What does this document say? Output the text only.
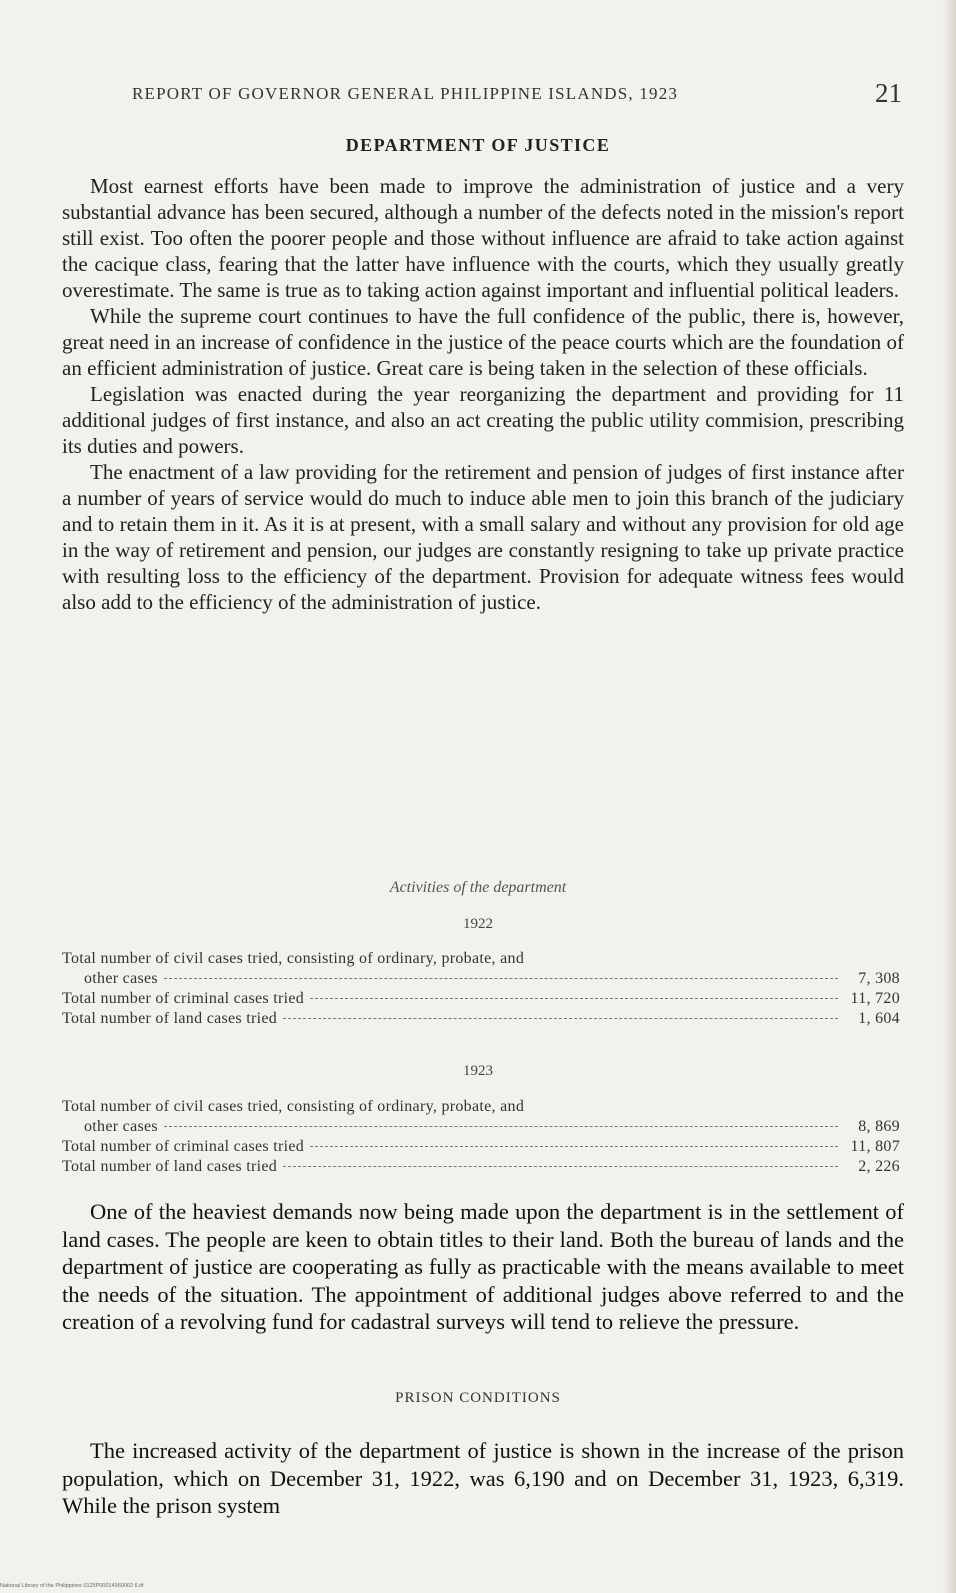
REPORT OF GOVERNOR GENERAL PHILIPPINE ISLANDS, 1923	21
DEPARTMENT OF JUSTICE

Most earnest efforts have been made to improve the administration of justice and a very substantial advance has been secured, although a number of the defects noted in the mission's report still exist. Too often the poorer people and those without influence are afraid to take action against the cacique class, fearing that the latter have influence with the courts, which they usually greatly overestimate. The same is true as to taking action against important and influential political leaders.

While the supreme court continues to have the full confidence of the public, there is, however, great need in an increase of confidence in the justice of the peace courts which are the foundation of an efficient administration of justice. Great care is being taken in the selection of these officials.

Legislation was enacted during the year reorganizing the department and providing for 11 additional judges of first instance, and also an act creating the public utility commision, prescribing its duties and powers.

The enactment of a law providing for the retirement and pension of judges of first instance after a number of years of service would do much to induce able men to join this branch of the judiciary and to retain them in it. As it is at present, with a small salary and without any provision for old age in the way of retirement and pension, our judges are constantly resigning to take up private practice with resulting loss to the efficiency of the department. Provision for adequate witness fees would also add to the efficiency of the administration of justice.

Activities of the department
1922
Total number of civil cases tried, consisting of ordinary, probate, and
other cases	7, 308
Total number of criminal cases tried	11, 720
Total number of land cases tried	1, 604
1923
Total number of civil cases tried, consisting of ordinary, probate, and
other cases	8, 869
Total number of criminal cases tried	11, 807
Total number of land cases tried	2, 226

One of the heaviest demands now being made upon the department is in the settlement of land cases. The people are keen to obtain titles to their land. Both the bureau of lands and the department of justice are cooperating as fully as practicable with the means available to meet the needs of the situation. The appointment of additional judges above referred to and the creation of a revolving fund for cadastral surveys will tend to relieve the pressure.

PRISON CONDITIONS

The increased activity of the department of justice is shown in the increase of the prison population, which on December 31, 1922, was 6,190 and on December 31, 1923, 6,319. While the prison system

National Library of the Philippines 0125P00014960002 6.tif
